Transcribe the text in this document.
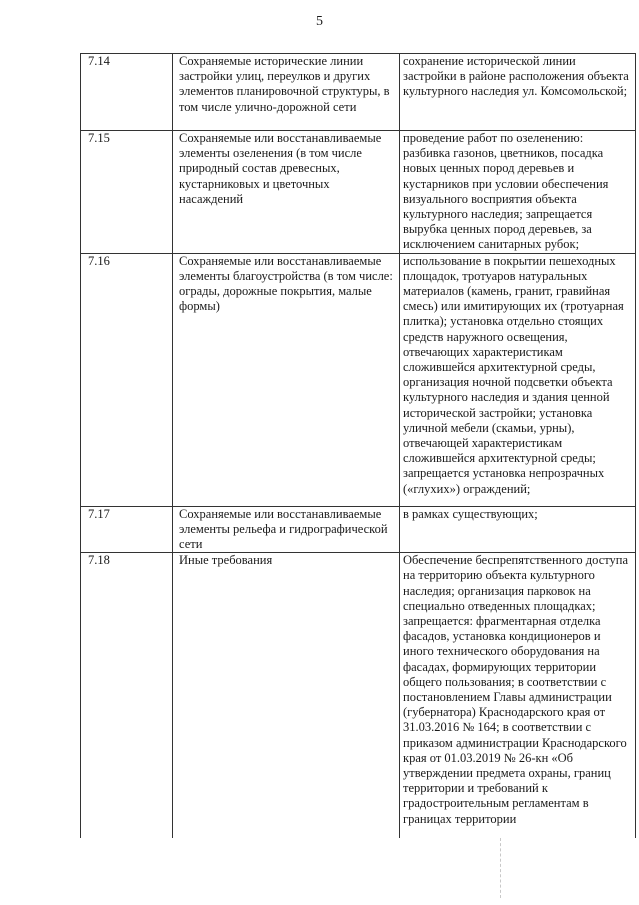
5
7.14	Сохраняемые исторические линии застройки улиц, переулков и других элементов планировочной структуры, в том числе улично-дорожной сети	сохранение исторической линии застройки в районе расположения объекта культурного наследия ул. Комсомольской;
7.15	Сохраняемые или восстанавливаемые элементы озеленения (в том числе природный состав древесных, кустарниковых и цветочных насаждений	проведение работ по озеленению: разбивка газонов, цветников, посадка новых ценных пород деревьев и кустарников при условии обеспечения визуального восприятия объекта культурного наследия; запрещается вырубка ценных пород деревьев, за исключением санитарных рубок;
7.16	Сохраняемые или восстанавливаемые элементы благоустройства (в том числе: ограды, дорожные покрытия, малые формы)	использование в покрытии пешеходных площадок, тротуаров натуральных материалов (камень, гранит, гравийная смесь) или имитирующих их (тротуарная плитка); установка отдельно стоящих средств наружного освещения, отвечающих характеристикам сложившейся архитектурной среды, организация ночной подсветки объекта культурного наследия и здания ценной исторической застройки; установка уличной мебели (скамьи, урны), отвечающей характеристикам сложившейся архитектурной среды; запрещается установка непрозрачных («глухих») ограждений;
7.17	Сохраняемые или восстанавливаемые элементы рельефа и гидрографической сети	в рамках существующих;
7.18	Иные требования	Обеспечение беспрепятственного доступа на территорию объекта культурного наследия; организация парковок на специально отведенных площадках; запрещается: фрагментарная отделка фасадов, установка кондиционеров и иного технического оборудования на фасадах, формирующих территории общего пользования; в соответствии с постановлением Главы администрации (губернатора) Краснодарского края от 31.03.2016 № 164; в соответствии с приказом администрации Краснодарского края от 01.03.2019 № 26-кн «Об утверждении предмета охраны, границ территории и требований к градостроительным регламентам в границах территории
